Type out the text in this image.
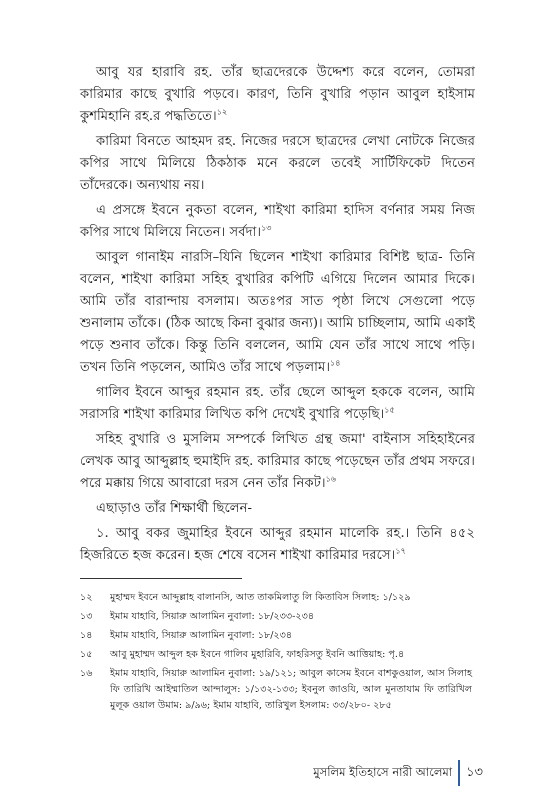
আবু যর হারাবি রহ. তাঁর ছাত্রদেরকে উদ্দেশ্য করে বলেন, তোমরা কারিমার কাছে বুখারি পড়বে। কারণ, তিনি বুখারি পড়ান আবুল হাইসাম কুশমিহানি রহ.র পদ্ধতিতে।$^{১২}$

কারিমা বিনতে আহমদ রহ. নিজের দরসে ছাত্রদের লেখা নোটকে নিজের কপির সাথে মিলিয়ে ঠিকঠাক মনে করলে তবেই সার্টিফিকেট দিতেন তাঁদেরকে। অন্যথায় নয়।

এ প্রসঙ্গে ইবনে নুকতা বলেন, শাইখা কারিমা হাদিস বর্ণনার সময় নিজ কপির সাথে মিলিয়ে নিতেন। সর্বদা।$^{১৩}$

আবুল গানাইম নারসি–যিনি ছিলেন শাইখা কারিমার বিশিষ্ট ছাত্র- তিনি বলেন, শাইখা কারিমা সহিহ বুখারির কপিটি এগিয়ে দিলেন আমার দিকে। আমি তাঁর বারান্দায় বসলাম। অতঃপর সাত পৃষ্ঠা লিখে সেগুলো পড়ে শুনালাম তাঁকে। (ঠিক আছে কিনা বুঝার জন্য)। আমি চাচ্ছিলাম, আমি একাই পড়ে শুনাব তাঁকে। কিন্তু তিনি বললেন, আমি যেন তাঁর সাথে সাথে পড়ি। তখন তিনি পড়লেন, আমিও তাঁর সাথে পড়লাম।$^{১৪}$

গালিব ইবনে আব্দুর রহমান রহ. তাঁর ছেলে আব্দুল হককে বলেন, আমি সরাসরি শাইখা কারিমার লিখিত কপি দেখেই বুখারি পড়েছি।$^{১৫}$

সহিহ বুখারি ও মুসলিম সম্পর্কে লিখিত গ্রন্থ জমা' বাইনাস সহিহাইনের লেখক আবু আব্দুল্লাহ হুমাইদি রহ. কারিমার কাছে পড়েছেন তাঁর প্রথম সফরে। পরে মক্কায় গিয়ে আবারো দরস নেন তাঁর নিকট।$^{১৬}$

এছাড়াও তাঁর শিক্ষার্থী ছিলেন-

১. আবু বকর জুমাহির ইবনে আব্দুর রহমান মালেকি রহ.। তিনি ৪৫২ হিজরিতে হজ করেন। হজ শেষে বসেন শাইখা কারিমার দরসে।$^{১৭}$

১২	মুহাম্মদ ইবনে আব্দুল্লাহ বালানসি, আত তাকমিলাতু লি কিতাবিস সিলাহ: ১/১২৯
১৩	ইমাম যাহাবি, সিয়ারু আলামিন নুবালা: ১৮/২৩৩-২৩৪
১৪	ইমাম যাহাবি, সিয়ারু আলামিন নুবালা: ১৮/২৩৪
১৫	আবু মুহাম্মদ আব্দুল হক ইবনে গালিব মুহারিবি, ফাহরিসতু ইবনি আত্তিয়াহ: পৃ.৪
১৬	ইমাম যাহাবি, সিয়ারু আলামিন নুবালা: ১৯/১২১; আবুল কাসেম ইবনে বাশকুওয়াল, আস সিলাহ ফি তারিখি আইম্মাতিল আন্দালুস: ১/১৩২-১৩৩; ইবনুল জাওযি, আল মুনতাযাম ফি তারিখিল মুলূক ওয়াল উমাম: ৯/৯৬; ইমাম যাহাবি, তারিখুল ইসলাম: ৩৩/২৮০- ২৮৫
মুসলিম ইতিহাসে নারী আলেমা ১৩
